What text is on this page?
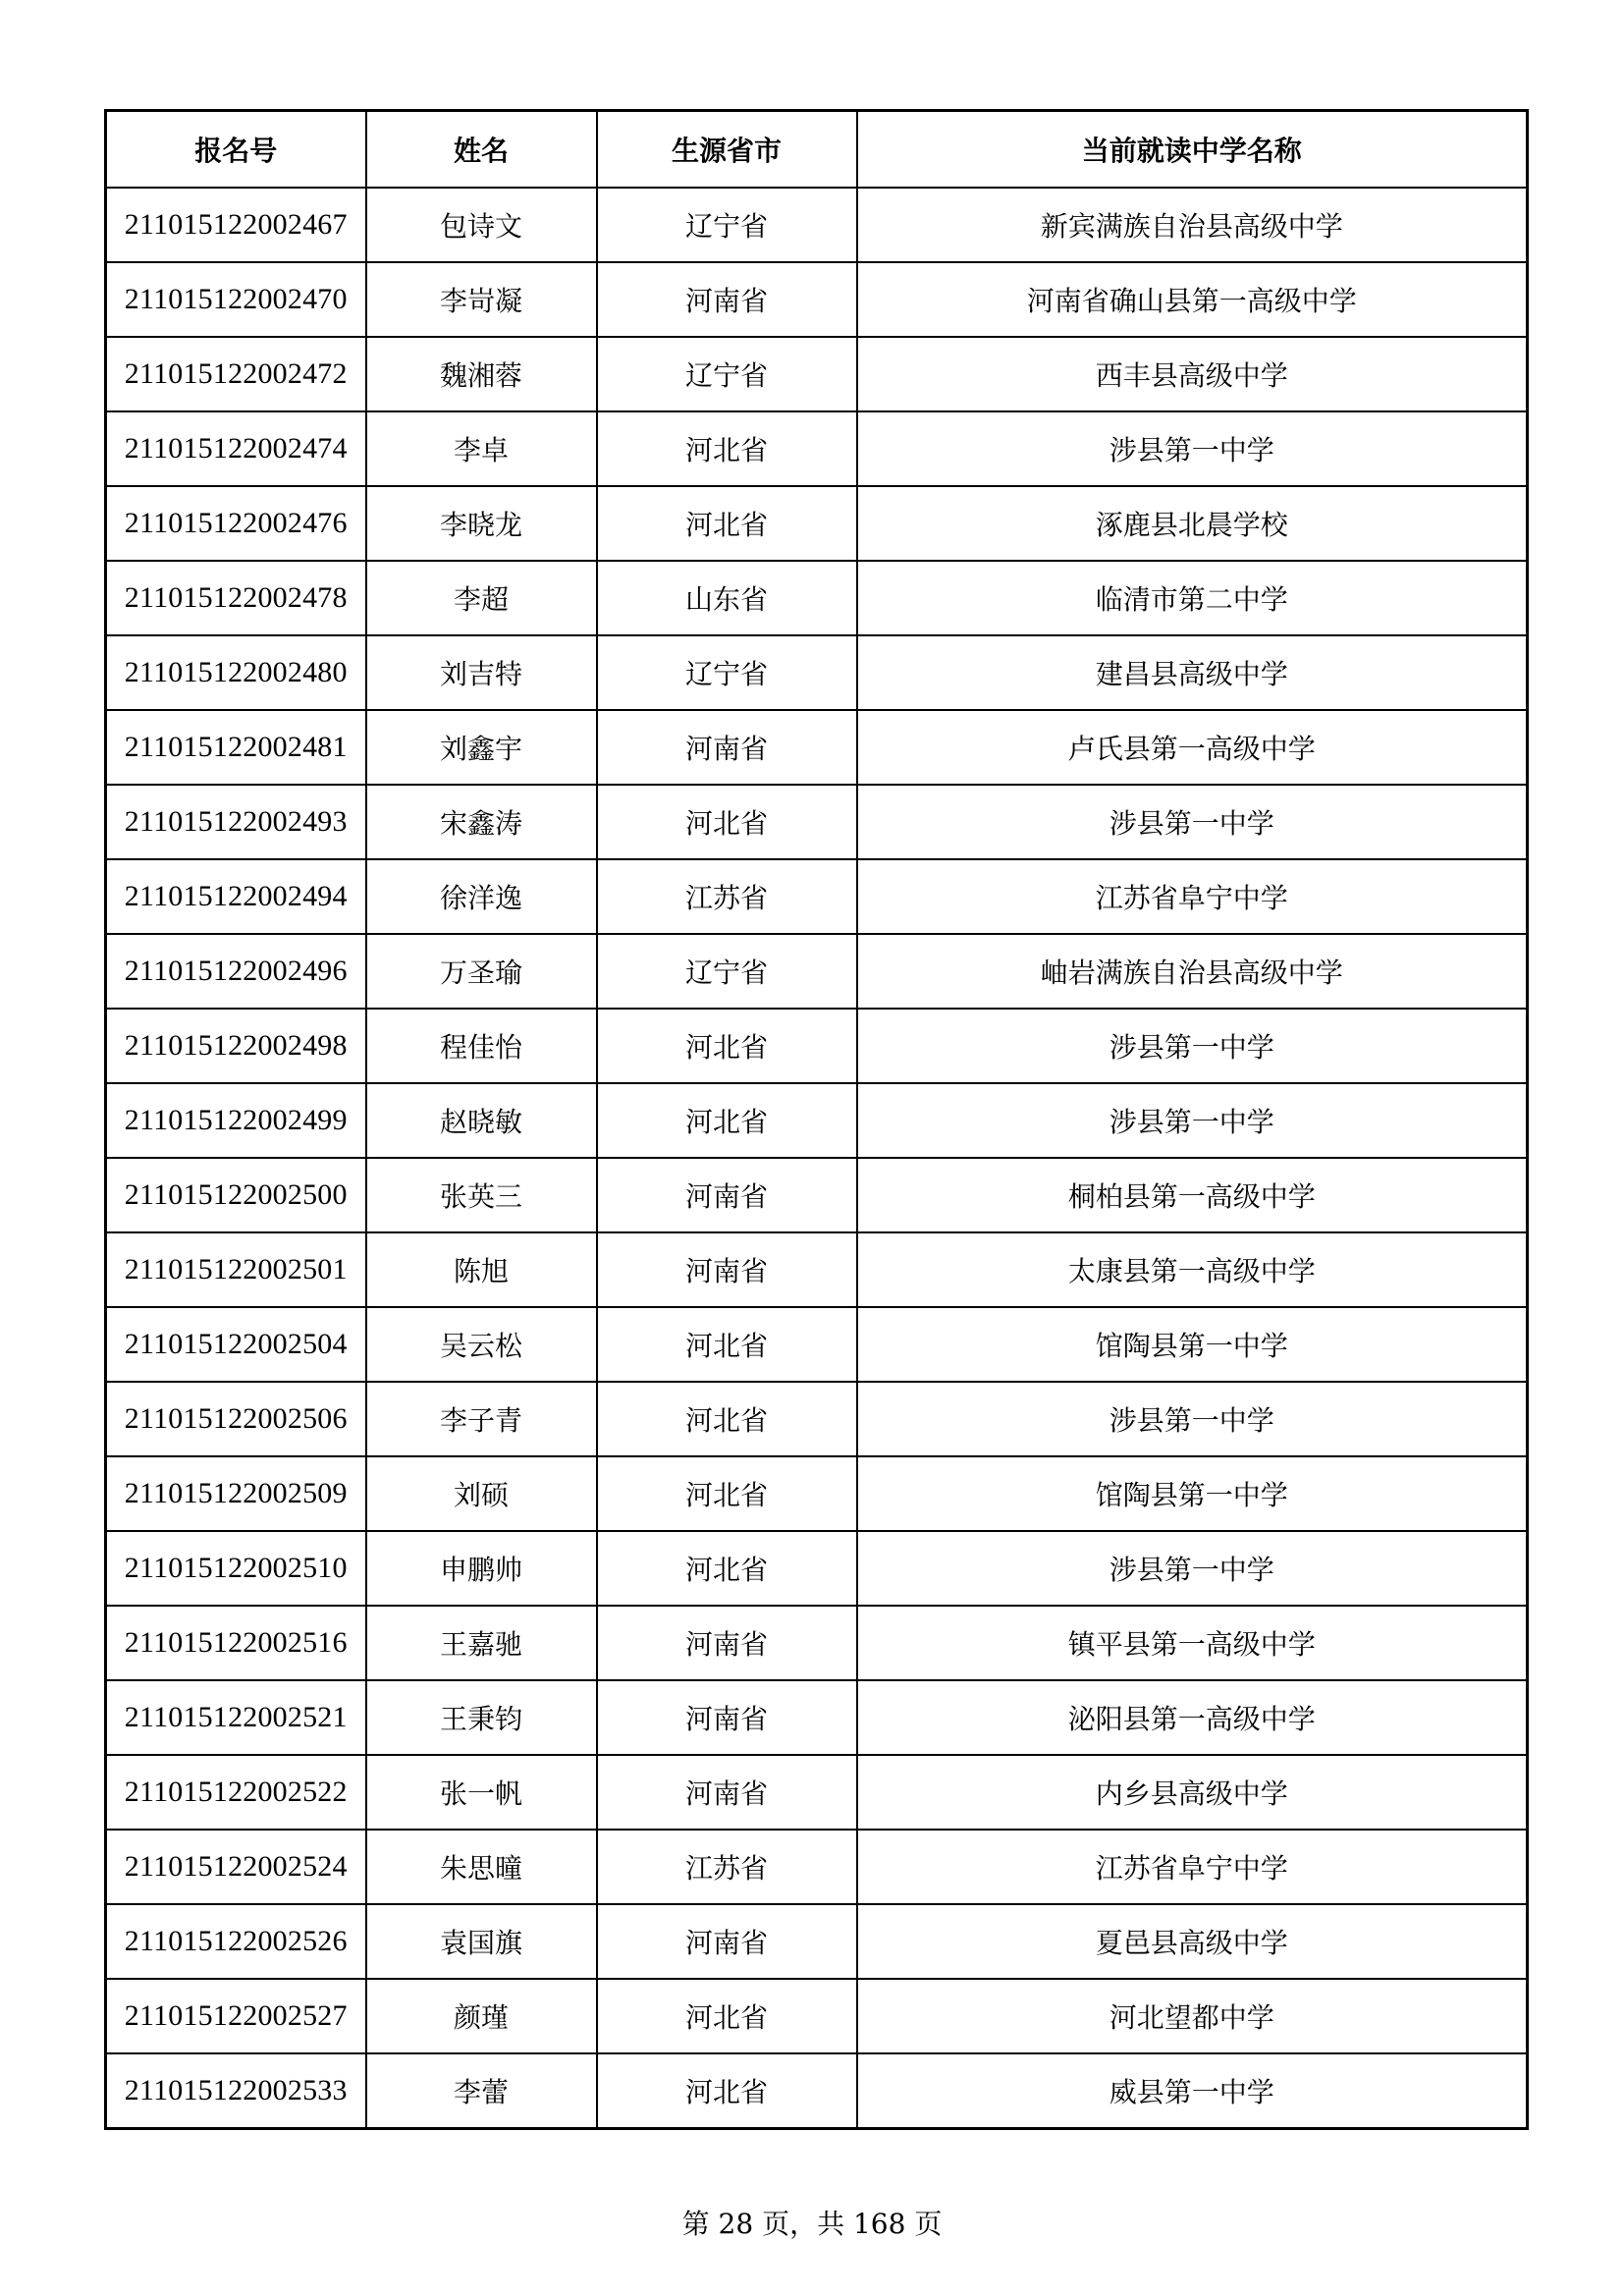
报名号	姓名	生源省市	当前就读中学名称
211015122002467	包诗文	辽宁省	新宾满族自治县高级中学
211015122002470	李岢凝	河南省	河南省确山县第一高级中学
211015122002472	魏湘蓉	辽宁省	西丰县高级中学
211015122002474	李卓	河北省	涉县第一中学
211015122002476	李晓龙	河北省	涿鹿县北晨学校
211015122002478	李超	山东省	临清市第二中学
211015122002480	刘吉特	辽宁省	建昌县高级中学
211015122002481	刘鑫宇	河南省	卢氏县第一高级中学
211015122002493	宋鑫涛	河北省	涉县第一中学
211015122002494	徐洋逸	江苏省	江苏省阜宁中学
211015122002496	万圣瑜	辽宁省	岫岩满族自治县高级中学
211015122002498	程佳怡	河北省	涉县第一中学
211015122002499	赵晓敏	河北省	涉县第一中学
211015122002500	张英三	河南省	桐柏县第一高级中学
211015122002501	陈旭	河南省	太康县第一高级中学
211015122002504	吴云松	河北省	馆陶县第一中学
211015122002506	李子青	河北省	涉县第一中学
211015122002509	刘硕	河北省	馆陶县第一中学
211015122002510	申鹏帅	河北省	涉县第一中学
211015122002516	王嘉驰	河南省	镇平县第一高级中学
211015122002521	王秉钧	河南省	泌阳县第一高级中学
211015122002522	张一帆	河南省	内乡县高级中学
211015122002524	朱思曈	江苏省	江苏省阜宁中学
211015122002526	袁国旗	河南省	夏邑县高级中学
211015122002527	颜瑾	河北省	河北望都中学
211015122002533	李蕾	河北省	威县第一中学
第 28 页，共 168 页
